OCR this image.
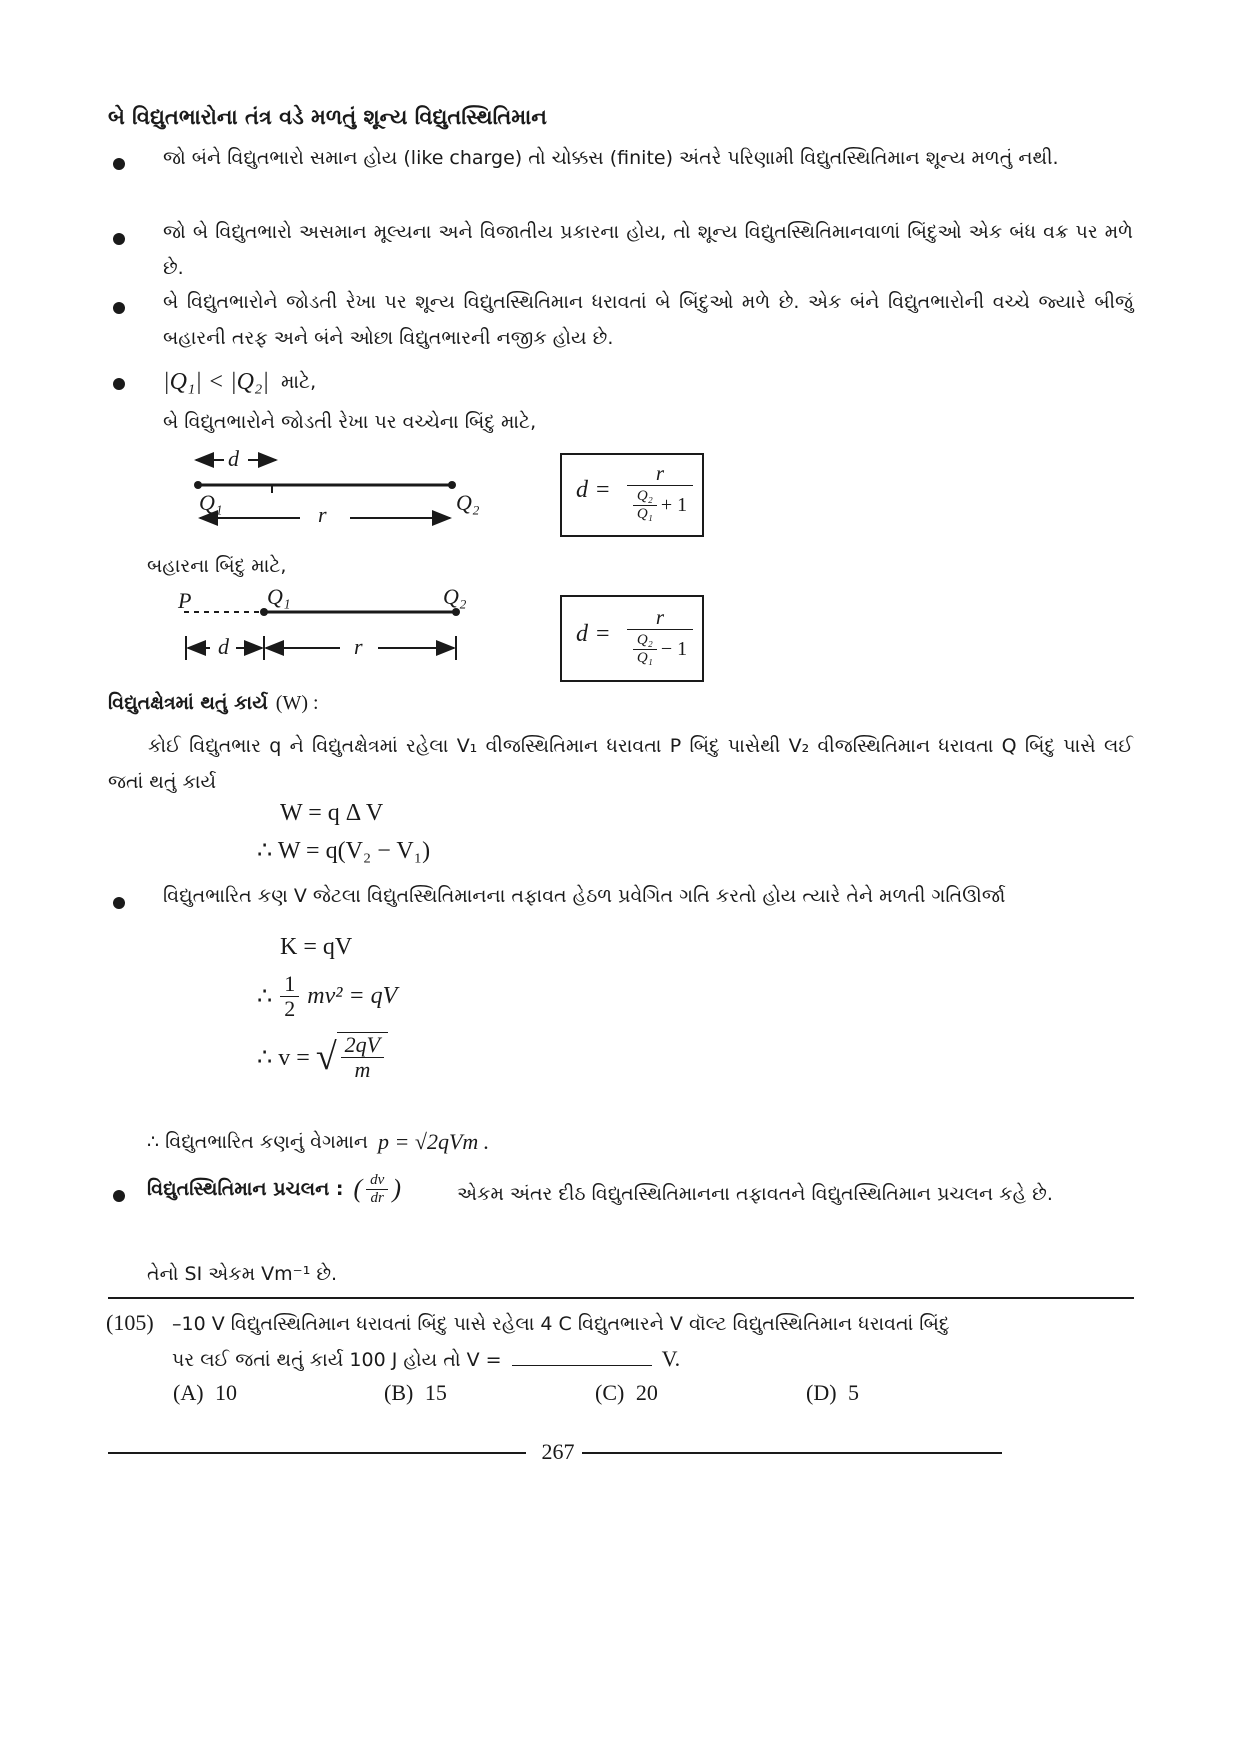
બે વિદ્યુતભારોના તંત્ર વડે મળતું શૂન્ય વિદ્યુતસ્થિતિમાન
જો બંને વિદ્યુતભારો સમાન હોય (like charge) તો ચોક્કસ (finite) અંતરે પરિણામી વિદ્યુતસ્થિતિમાન શૂન્ય મળતું નથી.
જો બે વિદ્યુતભારો અસમાન મૂલ્યના અને વિજાતીય પ્રકારના હોય, તો શૂન્ય વિદ્યુતસ્થિતિમાનવાળાં બિંદુઓ એક બંધ વક્ર પર મળે છે.
બે વિદ્યુતભારોને જોડતી રેખા પર શૂન્ય વિદ્યુતસ્થિતિમાન ધરાવતાં બે બિંદુઓ મળે છે. એક બંને વિદ્યુતભારોની વચ્ચે જ્યારે બીજું બહારની તરફ અને બંને ઓછા વિદ્યુતભારની નજીક હોય છે.
|Q₁| < |Q₂| માટે,
બે વિદ્યુતભારોને જોડતી રેખા પર વચ્ચેના બિંદુ માટે,
d
Q₁	Q₂
r
d =
r
$\frac{\text{Q₂}}{\text{Q₁}} + 1$
બહારના બિંદુ માટે,
P	Q₁	Q₂
d	r	d =
r
$\frac{\text{Q₂}}{\text{Q₁}} - 1$
વિદ્યુતક્ષેત્રમાં થતું કાર્ય (W) :
કોઈ વિદ્યુતભાર q ને વિદ્યુતક્ષેત્રમાં રહેલા V₁ વીજસ્થિતિમાન ધરાવતા P બિંદુ પાસેથી V₂ વીજસ્થિતિમાન ધરાવતા Q બિંદુ પાસે લઈ જતાં થતું કાર્ય
W = q Δ V
∴ W = q(V₂ − V₁)
વિદ્યુતભારિત કણ V જેટલા વિદ્યુતસ્થિતિમાનના તફાવત હેઠળ પ્રવેગિત ગતિ કરતો હોય ત્યારે તેને મળતી ગતિઊર્જા
K = qV
∴ $\frac{1}{2} mv^2$ = qV
∴ v = √ $\frac{2qV}{m}$
∴ વિદ્યુતભારિત કણનું વેગમાન p = √2qVm .
વિદ્યુતસ્થિતિમાન પ્રચલન : ( $\frac{dv}{dr}$ )	એકમ અંતર દીઠ વિદ્યુતસ્થિતિમાનના તફાવતને વિદ્યુતસ્થિતિમાન પ્રચલન કહે છે.
તેનો SI એકમ Vm⁻¹ છે.
(105) –10 V વિદ્યુતસ્થિતિમાન ધરાવતાં બિંદુ પાસે રહેલા 4 C વિદ્યુતભારને V વૉલ્ટ વિદ્યુતસ્થિતિમાન ધરાવતાં બિંદુ
પર લઈ જતાં થતું કાર્ય 100 J હોય તો V =	V.
(A) 10	(B) 15	(C) 20	(D) 5
267
